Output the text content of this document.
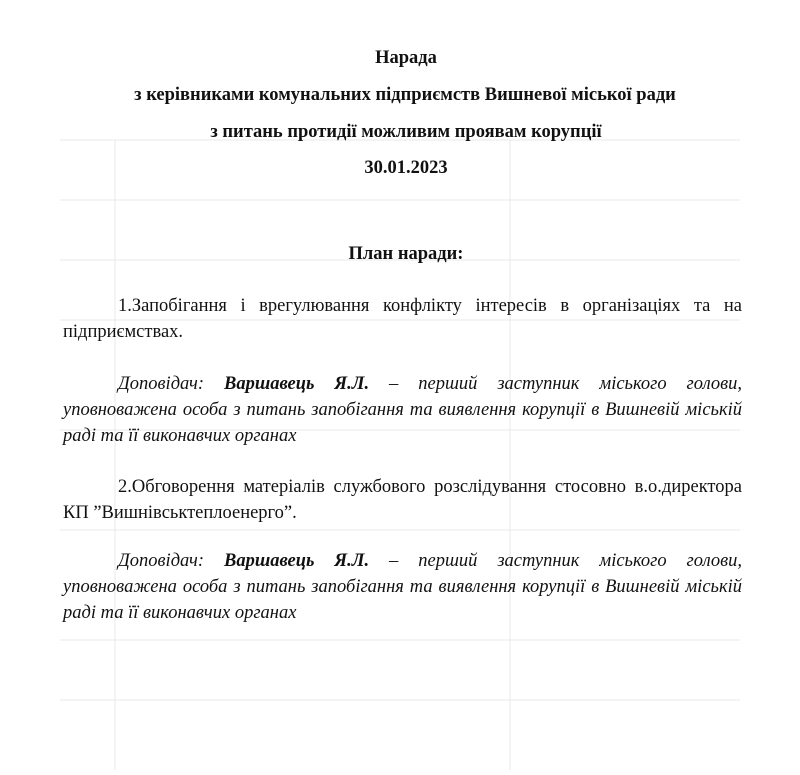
Нарада
з керівниками комунальних підприємств Вишневої міської ради
з питань протидії можливим проявам корупції
30.01.2023
План наради:
1.Запобігання і врегулювання конфлікту інтересів в організаціях та на підприємствах.
Доповідач: Варшавець Я.Л. – перший заступник міського голови, уповноважена особа з питань запобігання та виявлення корупції в Вишневій міській раді та її виконавчих органах
2.Обговорення матеріалів службового розслідування стосовно в.о.директора КП ”Вишнівськтеплоенерго”.
Доповідач: Варшавець Я.Л. – перший заступник міського голови, уповноважена особа з питань запобігання та виявлення корупції в Вишневій міській раді та її виконавчих органах
